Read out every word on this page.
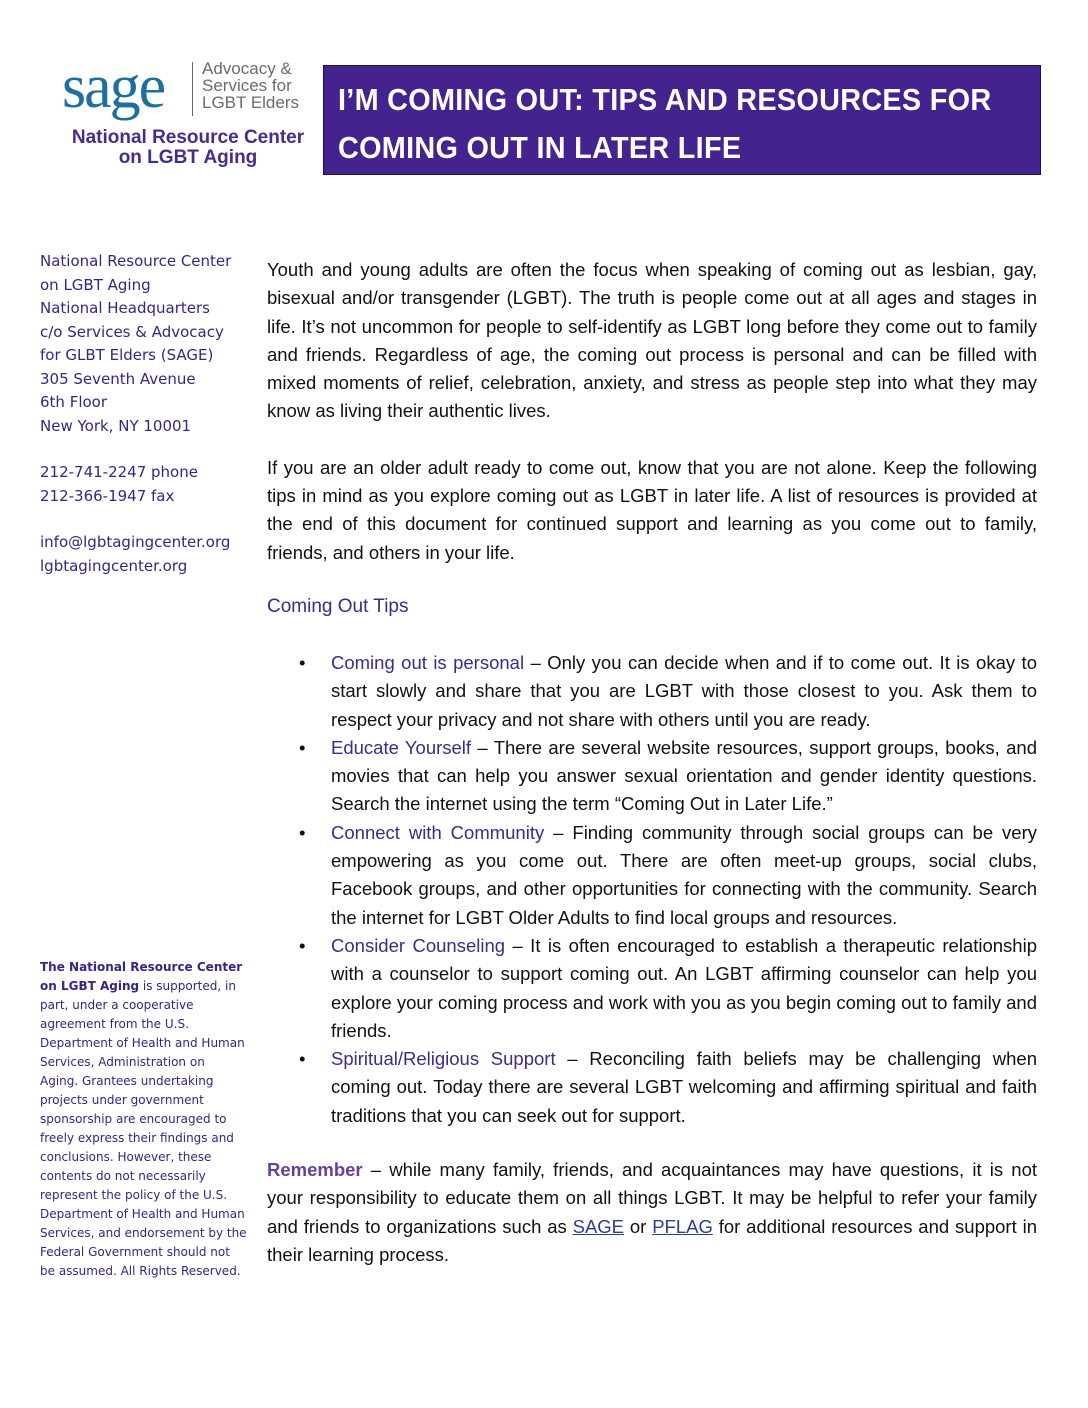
sage Advocacy &
Services for
LGBT Elders
National Resource Center
on LGBT Aging
I’M COMING OUT: TIPS AND RESOURCES FOR
COMING OUT IN LATER LIFE
National Resource Center
on LGBT Aging
National Headquarters
c/o Services & Advocacy
for GLBT Elders (SAGE)
305 Seventh Avenue
6th Floor
New York, NY 10001
212-741-2247 phone
212-366-1947 fax
info@lgbtagingcenter.org
lgbtagingcenter.org
The National Resource Center
on LGBT Aging is supported, in
part, under a cooperative
agreement from the U.S.
Department of Health and Human
Services, Administration on
Aging. Grantees undertaking
projects under government
sponsorship are encouraged to
freely express their findings and
conclusions. However, these
contents do not necessarily
represent the policy of the U.S.
Department of Health and Human
Services, and endorsement by the
Federal Government should not
be assumed. All Rights Reserved.

Youth and young adults are often the focus when speaking of coming out as lesbian, gay, bisexual and/or transgender (LGBT). The truth is people come out at all ages and stages in life. It’s not uncommon for people to self-identify as LGBT long before they come out to family and friends. Regardless of age, the coming out process is personal and can be filled with mixed moments of relief, celebration, anxiety, and stress as people step into what they may know as living their authentic lives.

If you are an older adult ready to come out, know that you are not alone. Keep the following tips in mind as you explore coming out as LGBT in later life. A list of resources is provided at the end of this document for continued support and learning as you come out to family, friends, and others in your life.

Coming Out Tips
• Coming out is personal – Only you can decide when and if to come out. It is okay to start slowly and share that you are LGBT with those closest to you. Ask them to respect your privacy and not share with others until you are ready.
• Educate Yourself – There are several website resources, support groups, books, and movies that can help you answer sexual orientation and gender identity questions. Search the internet using the term “Coming Out in Later Life.”
• Connect with Community – Finding community through social groups can be very empowering as you come out. There are often meet-up groups, social clubs, Facebook groups, and other opportunities for connecting with the community. Search the internet for LGBT Older Adults to find local groups and resources.
• Consider Counseling – It is often encouraged to establish a therapeutic relationship with a counselor to support coming out. An LGBT affirming counselor can help you explore your coming process and work with you as you begin coming out to family and friends.
• Spiritual/Religious Support – Reconciling faith beliefs may be challenging when coming out. Today there are several LGBT welcoming and affirming spiritual and faith traditions that you can seek out for support.

Remember – while many family, friends, and acquaintances may have questions, it is not your responsibility to educate them on all things LGBT. It may be helpful to refer your family and friends to organizations such as SAGE or PFLAG for additional resources and support in their learning process.
